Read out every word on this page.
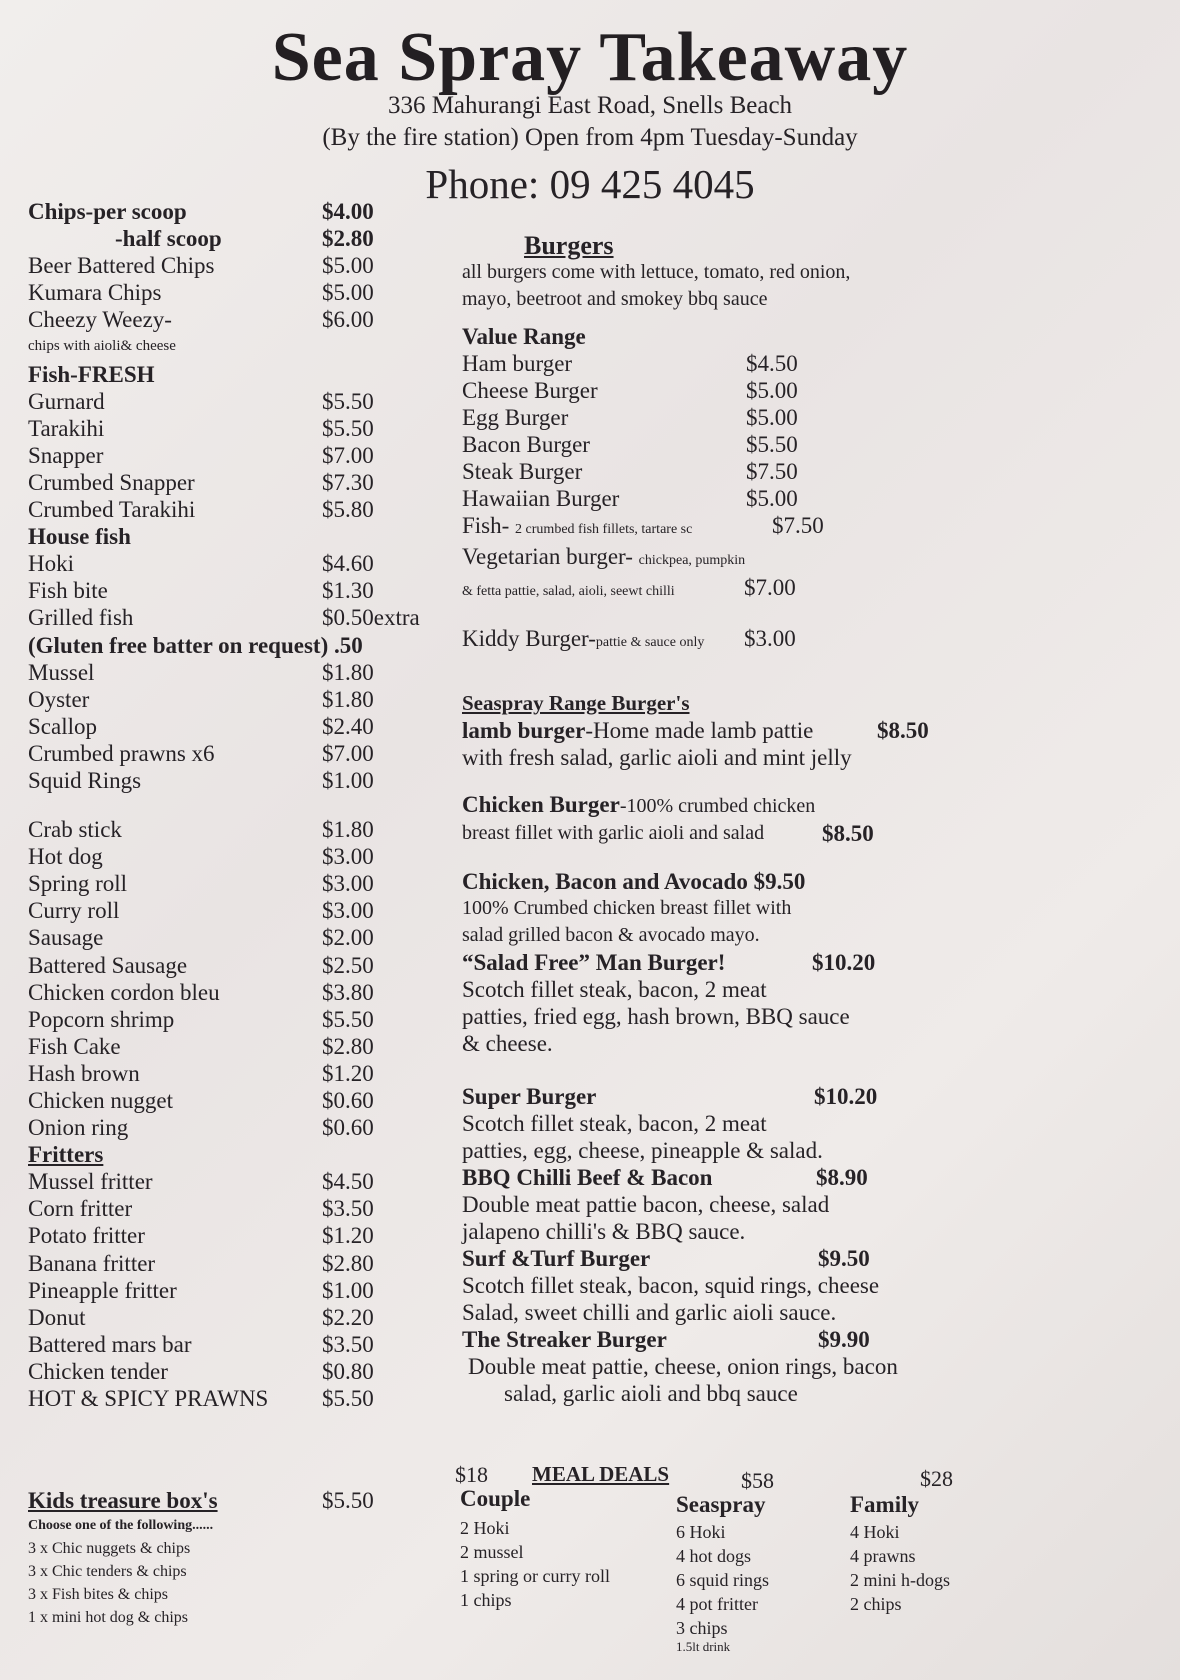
Sea Spray Takeaway
336 Mahurangi East Road, Snells Beach
(By the fire station) Open from 4pm Tuesday-Sunday
Phone: 09 425 4045
Chips-per scoop	$4.00
-half scoop	$2.80
Beer Battered Chips	$5.00
Kumara Chips	$5.00
Cheezy Weezy-	$6.00
chips with aioli& cheese
Fish-FRESH
Gurnard	$5.50
Tarakihi	$5.50
Snapper	$7.00
Crumbed Snapper	$7.30
Crumbed Tarakihi	$5.80
House fish
Hoki	$4.60
Fish bite	$1.30
Grilled fish	$0.50extra
(Gluten free batter on request) .50
Mussel	$1.80
Oyster	$1.80
Scallop	$2.40
Crumbed prawns x6	$7.00
Squid Rings	$1.00
Crab stick	$1.80
Hot dog	$3.00
Spring roll	$3.00
Curry roll	$3.00
Sausage	$2.00
Battered Sausage	$2.50
Chicken cordon bleu	$3.80
Popcorn shrimp	$5.50
Fish Cake	$2.80
Hash brown	$1.20
Chicken nugget	$0.60
Onion ring	$0.60
Fritters
Mussel fritter	$4.50
Corn fritter	$3.50
Potato fritter	$1.20
Banana fritter	$2.80
Pineapple fritter	$1.00
Donut	$2.20
Battered mars bar	$3.50
Chicken tender	$0.80
HOT & SPICY PRAWNS $5.50
Kids treasure box's	$5.50
Choose one of the following......
3 x Chic nuggets & chips
3 x Chic tenders & chips
3 x Fish bites & chips
1 x mini hot dog & chips
Burgers
all burgers come with lettuce, tomato, red onion,
mayo, beetroot and smokey bbq sauce
Value Range
Ham burger	$4.50
Cheese Burger	$5.00
Egg Burger	$5.00
Bacon Burger	$5.50
Steak Burger	$7.50
Hawaiian Burger	$5.00
Fish- 2 crumbed fish fillets, tartare sc	$7.50
Vegetarian burger- chickpea, pumpkin
& fetta pattie, salad, aioli, seewt chilli	$7.00
Kiddy Burger-pattie & sauce only $3.00
Seaspray Range Burger's
lamb burger-Home made lamb pattie	$8.50
with fresh salad, garlic aioli and mint jelly
Chicken Burger-100% crumbed chicken
breast fillet with garlic aioli and salad	$8.50
Chicken, Bacon and Avocado $9.50
100% Crumbed chicken breast fillet with
salad grilled bacon & avocado mayo.
“Salad Free” Man Burger!	$10.20
Scotch fillet steak, bacon, 2 meat
patties, fried egg, hash brown, BBQ sauce
& cheese.
Super Burger	$10.20
Scotch fillet steak, bacon, 2 meat
patties, egg, cheese, pineapple & salad.
BBQ Chilli Beef & Bacon	$8.90
Double meat pattie bacon, cheese, salad
jalapeno chilli's & BBQ sauce.
Surf &Turf Burger	$9.50
Scotch fillet steak, bacon, squid rings, cheese
Salad, sweet chilli and garlic aioli sauce.
The Streaker Burger	$9.90
Double meat pattie, cheese, onion rings, bacon
salad, garlic aioli and bbq sauce
$18 MEAL DEALS	$58	$28
Couple
2 Hoki
2 mussel
1 spring or curry roll
1 chips
Seaspray
6 Hoki
4 hot dogs
6 squid rings
4 pot fritter
3 chips
1.5lt drink
Family
4 Hoki
4 prawns
2 mini h-dogs
2 chips
